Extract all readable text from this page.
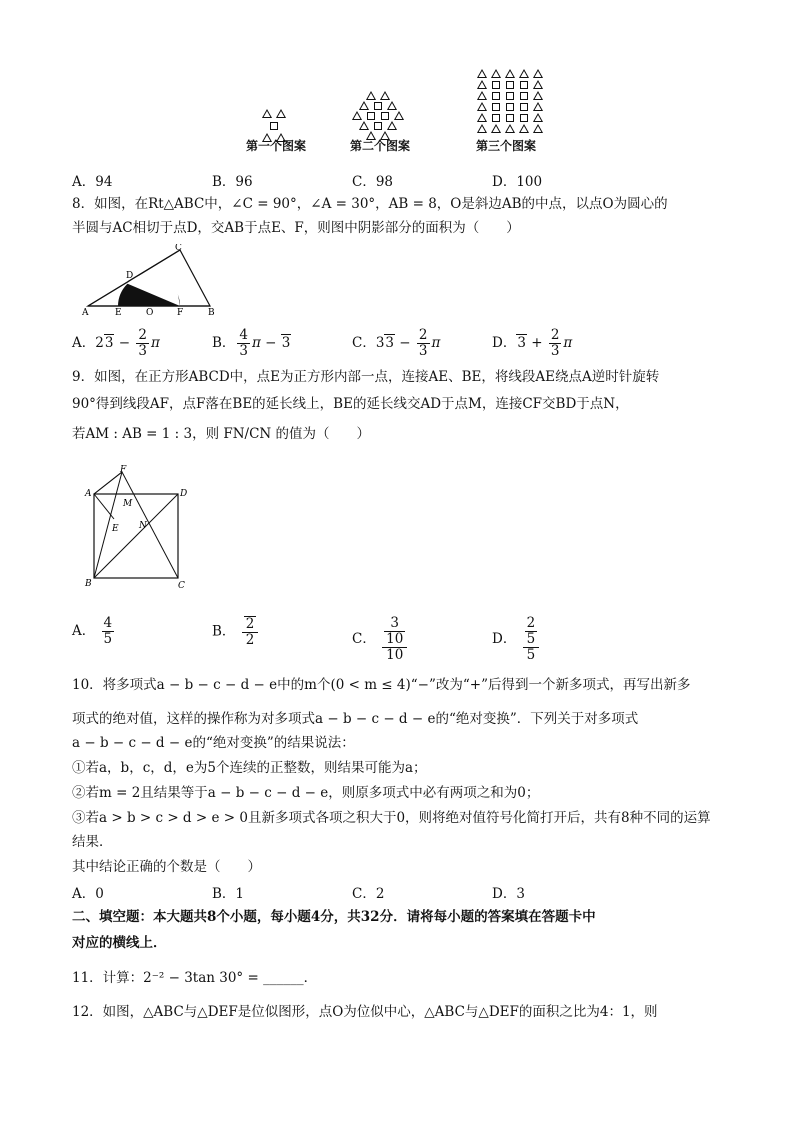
第一个图案	第二个图案	第三个图案
A．94	B．96	C．98	D．100
8．如图，在Rt△ABC中，∠C = 90°，∠A = 30°，AB = 8，O是斜边AB的中点，以点O为圆心的
半圆与AC相切于点D，交AB于点E、F，则图中阴影部分的面积为（　　）
C
D
A	E	O	F	B
A．$23 - \frac{2}{3}$ π	B． $\frac{4}{3}$ π − 3	C．$33 - \frac{2}{3}$ π	D．$3 + \frac{2}{3}$ π
9．如图，在正方形ABCD中，点E为正方形内部一点，连接AE、BE，将线段AE绕点A逆时针旋转
90°得到线段AF，点F落在BE的延长线上，BE的延长线交AD于点M，连接CF交BD于点N，
若AM : AB = 1 : 3，则 FN/CN 的值为（　　）
F
A
M
D
E N
B	C
A． $\frac{4}{5}$	B． $\frac{2}{2}$	C． 3
10
10	D． 2
5
5
10．将多项式a − b − c − d − e中的m个(0 < m ≤ 4)“−”改为“+”后得到一个新多项式，再写出新多
项式的绝对值，这样的操作称为对多项式a − b − c − d − e的“绝对变换”．下列关于对多项式
a − b − c − d − e的“绝对变换”的结果说法：
①若a，b，c，d，e为5个连续的正整数，则结果可能为a；
②若m = 2且结果等于a − b − c − d − e，则原多项式中必有两项之和为0；
③若a > b > c > d > e > 0且新多项式各项之积大于0，则将绝对值符号化简打开后，共有8种不同的运算
结果．
其中结论正确的个数是（　　）
A．0	B．1	C．2	D．3
二、填空题：本大题共8个小题，每小题4分，共32分．请将每小题的答案填在答题卡中
对应的横线上．
11．计算：2⁻² − 3tan 30° = ______．
12．如图，△ABC与△DEF是位似图形，点O为位似中心，△ABC与△DEF的面积之比为4：1，则
